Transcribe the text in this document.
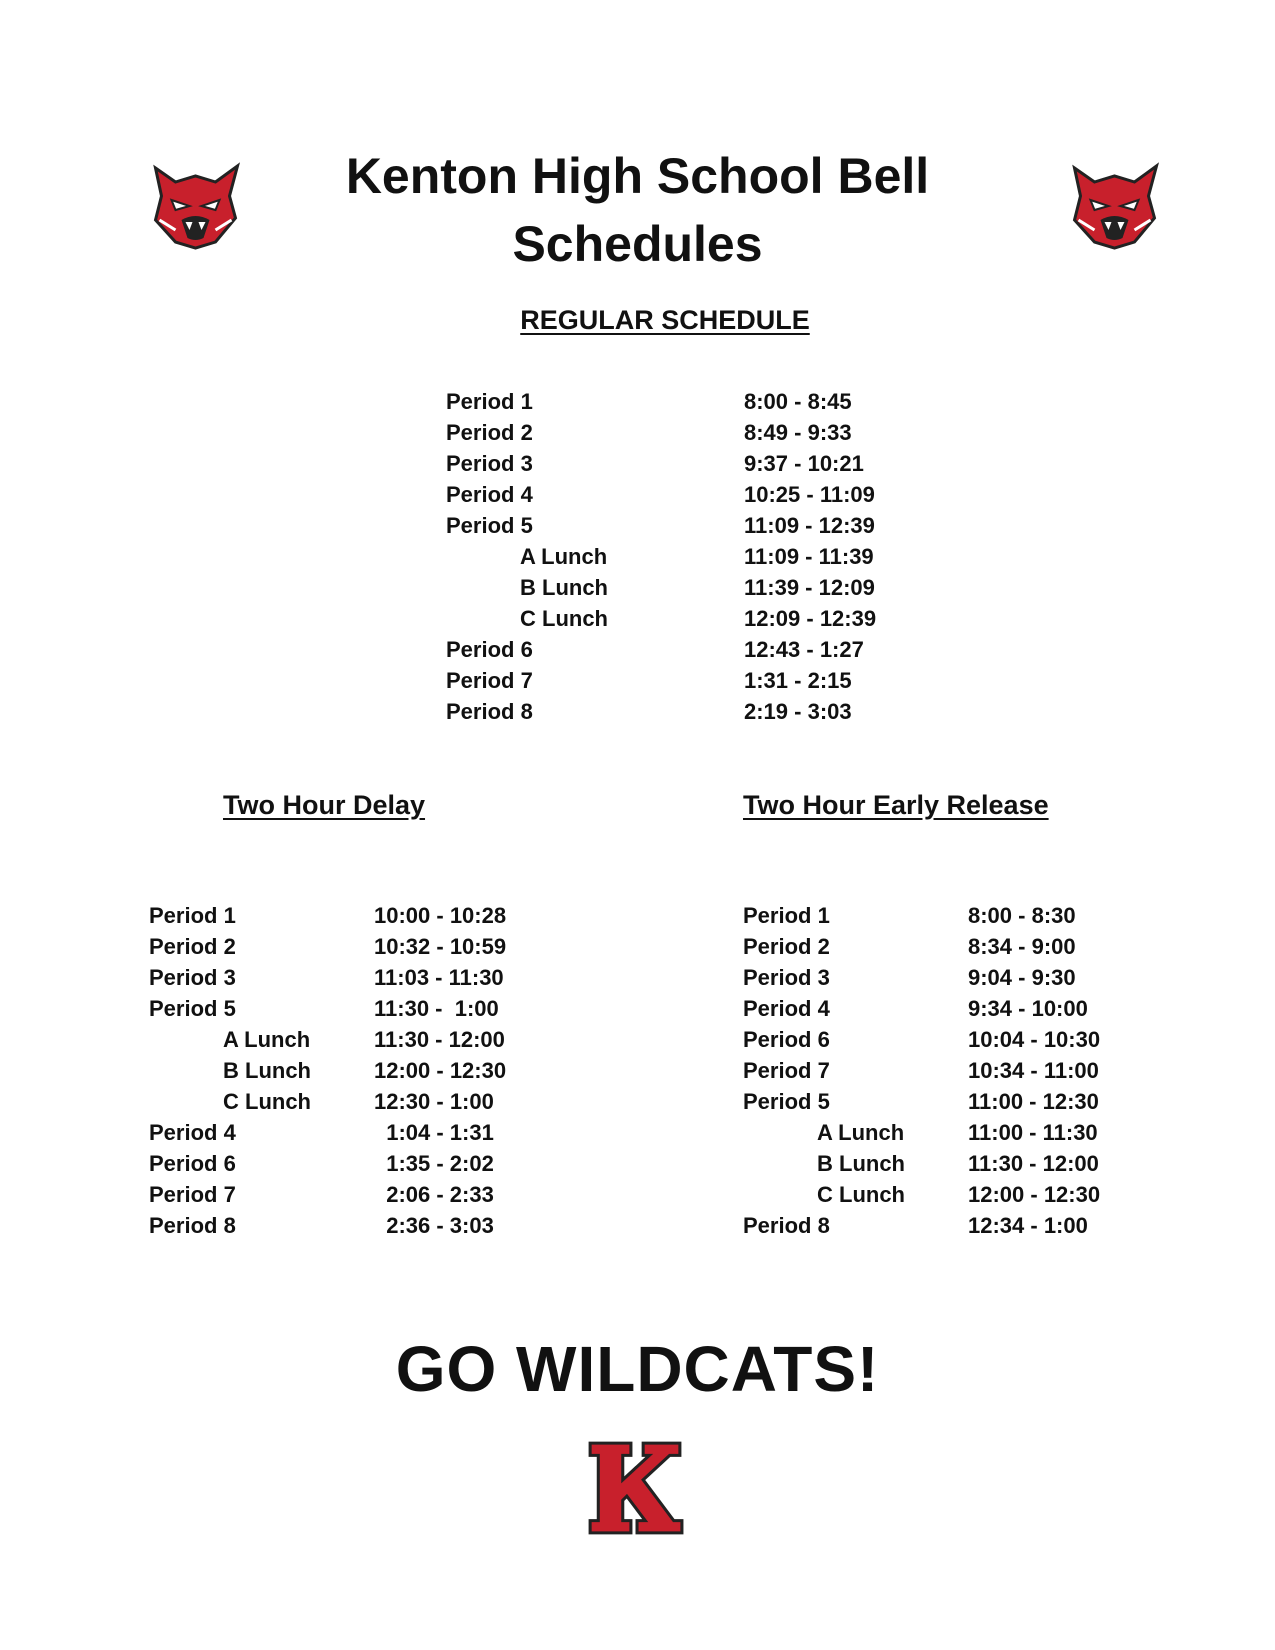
Kenton High School Bell
Schedules
REGULAR SCHEDULE
Period 1	8:00 - 8:45
Period 2	8:49 - 9:33
Period 3	9:37 - 10:21
Period 4	10:25 - 11:09
Period 5	11:09 - 12:39
A Lunch	11:09 - 11:39
B Lunch	11:39 - 12:09
C Lunch	12:09 - 12:39
Period 6	12:43 - 1:27
Period 7	1:31 - 2:15
Period 8	2:19 - 3:03
Two Hour Delay
Period 1	10:00 - 10:28
Period 2	10:32 - 10:59
Period 3	11:03 - 11:30
Period 5	11:30 -  1:00
A Lunch	11:30 - 12:00
B Lunch	12:00 - 12:30
C Lunch	12:30 - 1:00
Period 4	1:04 - 1:31
Period 6	1:35 - 2:02
Period 7	2:06 - 2:33
Period 8	2:36 - 3:03
Two Hour Early Release
Period 1	8:00 - 8:30
Period 2	8:34 - 9:00
Period 3	9:04 - 9:30
Period 4	9:34 - 10:00
Period 6	10:04 - 10:30
Period 7	10:34 - 11:00
Period 5	11:00 - 12:30
A Lunch	11:00 - 11:30
B Lunch	11:30 - 12:00
C Lunch	12:00 - 12:30
Period 8	12:34 - 1:00
GO WILDCATS!
